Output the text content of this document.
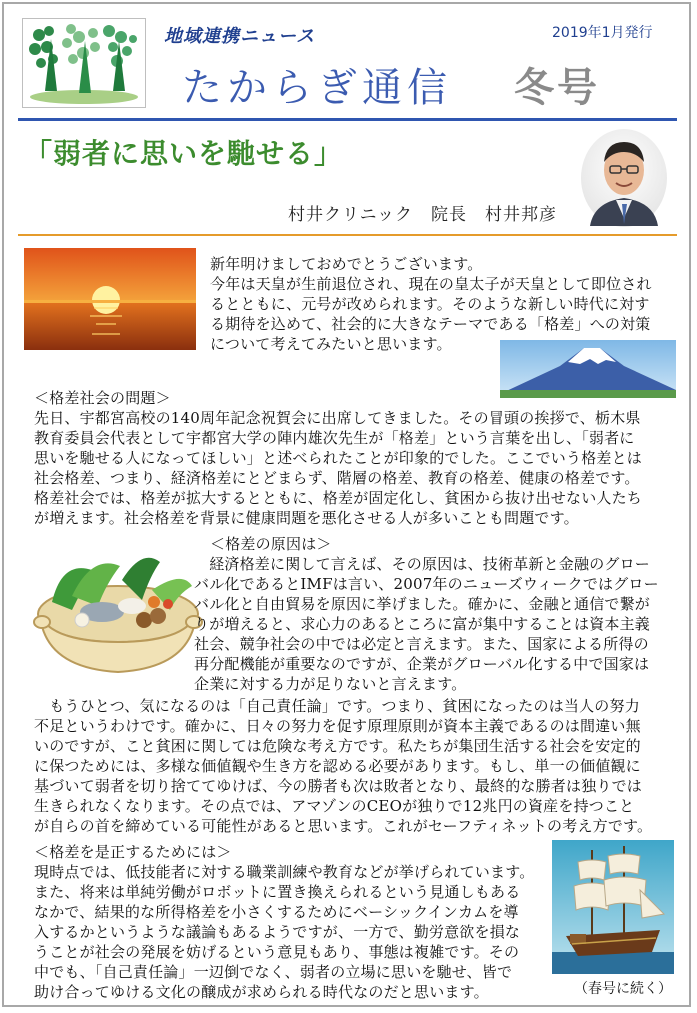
地域連携ニュース	2019年1月発行
たからぎ通信 冬号
「弱者に思いを馳せる」
村井クリニック　院長　村井邦彦
新年明けましておめでとうございます。
今年は天皇が生前退位され、現在の皇太子が天皇として即位され
るとともに、元号が改められます。そのような新しい時代に対す
る期待を込めて、社会的に大きなテーマである「格差」への対策
について考えてみたいと思います。
＜格差社会の問題＞
先日、宇都宮高校の140周年記念祝賀会に出席してきました。その冒頭の挨拶で、栃木県
教育委員会代表として宇都宮大学の陣内雄次先生が「格差」という言葉を出し、「弱者に
思いを馳せる人になってほしい」と述べられたことが印象的でした。ここでいう格差とは
社会格差、つまり、経済格差にとどまらず、階層の格差、教育の格差、健康の格差です。
格差社会では、格差が拡大するとともに、格差が固定化し、貧困から抜け出せない人たち
が増えます。社会格差を背景に健康問題を悪化させる人が多いことも問題です。
＜格差の原因は＞
　経済格差に関して言えば、その原因は、技術革新と金融のグロー
バル化であるとIMFは言い、2007年のニューズウィークではグロー
バル化と自由貿易を原因に挙げました。確かに、金融と通信で繋が
りが増えると、求心力のあるところに富が集中することは資本主義
社会、競争社会の中では必定と言えます。また、国家による所得の
再分配機能が重要なのですが、企業がグローバル化する中で国家は
企業に対する力が足りないと言えます。
　もうひとつ、気になるのは「自己責任論」です。つまり、貧困になったのは当人の努力
不足というわけです。確かに、日々の努力を促す原理原則が資本主義であるのは間違い無
いのですが、こと貧困に関しては危険な考え方です。私たちが集団生活する社会を安定的
に保つためには、多様な価値観や生き方を認める必要があります。もし、単一の価値観に
基づいて弱者を切り捨ててゆけば、今の勝者も次は敗者となり、最終的な勝者は独りでは
生きられなくなります。その点では、アマゾンのCEOが独りで12兆円の資産を持つこと
が自らの首を締めている可能性があると思います。これがセーフティネットの考え方です。
＜格差を是正するためには＞
現時点では、低技能者に対する職業訓練や教育などが挙げられています。
また、将来は単純労働がロボットに置き換えられるという見通しもある
なかで、結果的な所得格差を小さくするためにベーシックインカムを導
入するかというような議論もあるようですが、一方で、勤労意欲を損な
うことが社会の発展を妨げるという意見もあり、事態は複雑です。その
中でも、「自己責任論」一辺倒でなく、弱者の立場に思いを馳せ、皆で
助け合ってゆける文化の醸成が求められる時代なのだと思います。	（春号に続く）
